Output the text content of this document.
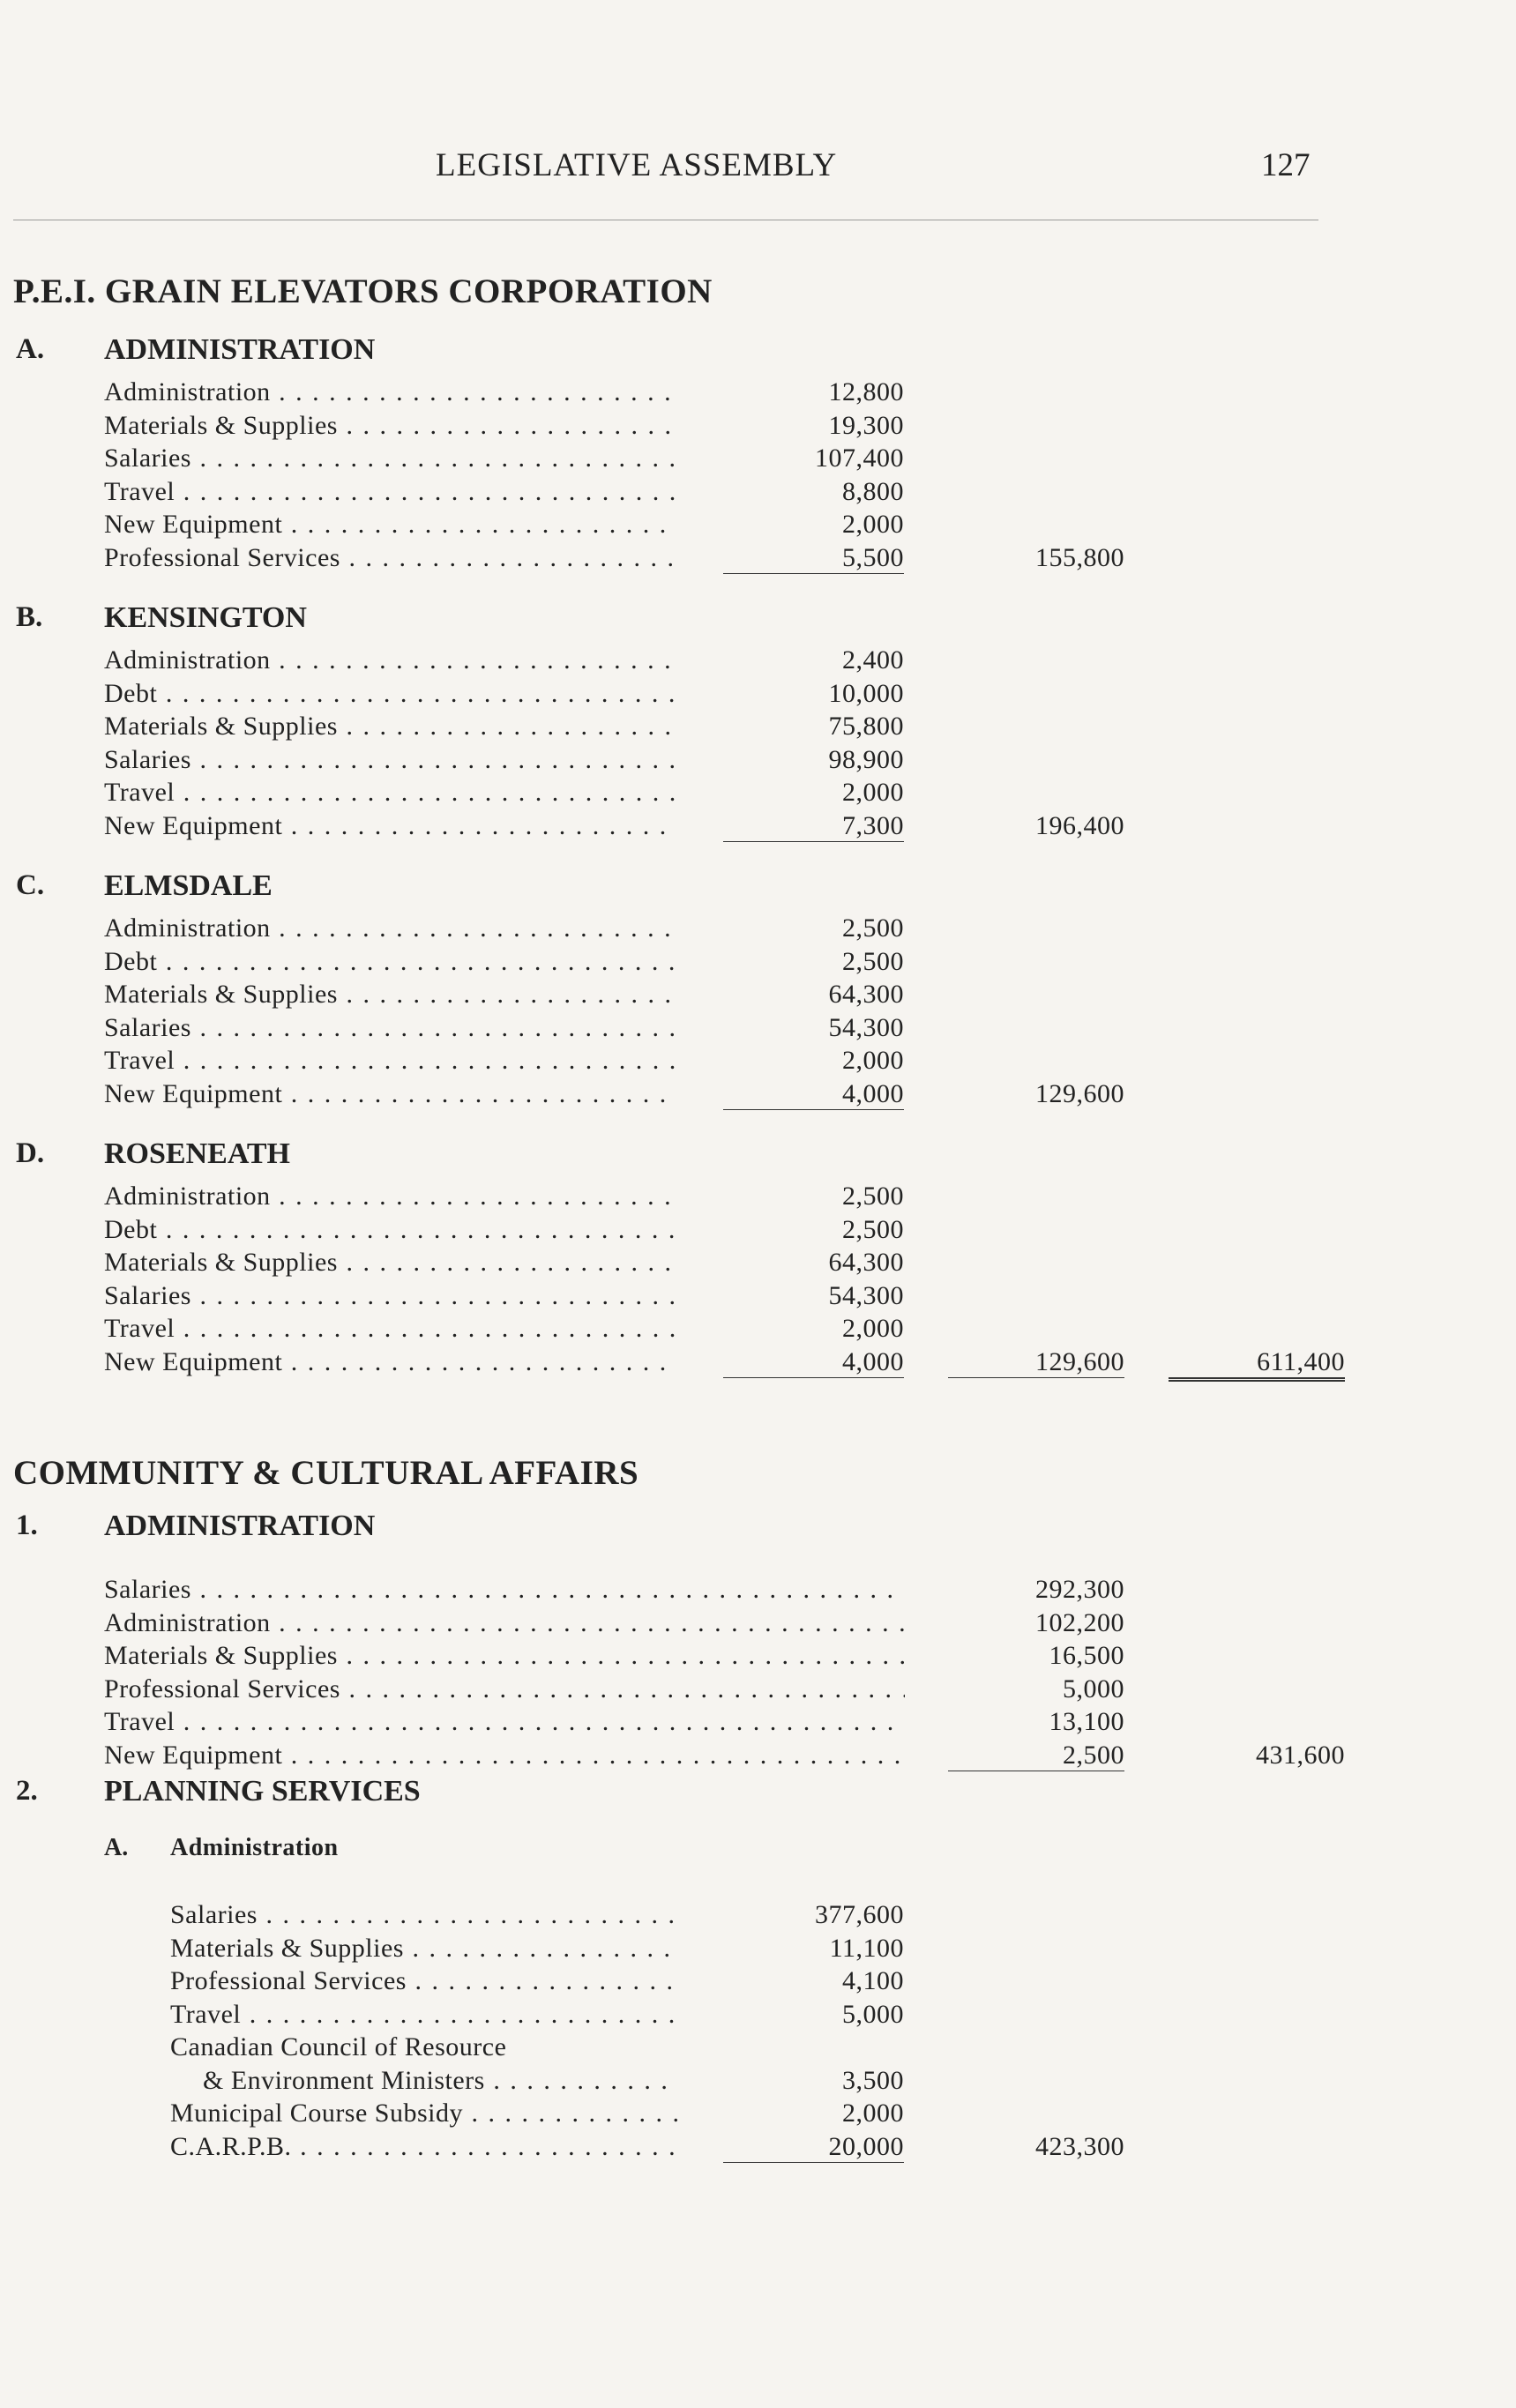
LEGISLATIVE ASSEMBLY	127
P.E.I. GRAIN ELEVATORS CORPORATION
A. ADMINISTRATION
Administration . . .	12,800
Materials & Supplies . . .	19,300
Salaries . . .	107,400
Travel . . .	8,800
New Equipment . . .	2,000
Professional Services . . .	5,500	155,800
B. KENSINGTON
Administration . . .	2,400
Debt . . .	10,000
Materials & Supplies . . .	75,800
Salaries . . .	98,900
Travel . . .	2,000
New Equipment . . .	7,300	196,400
C. ELMSDALE
Administration . . .	2,500
Debt . . .	2,500
Materials & Supplies . . .	64,300
Salaries . . .	54,300
Travel . . .	2,000
New Equipment . . .	4,000	129,600
D. ROSENEATH
Administration . . .	2,500
Debt . . .	2,500
Materials & Supplies . . .	64,300
Salaries . . .	54,300
Travel . . .	2,000
New Equipment . . .	4,000	129,600	611,400
COMMUNITY & CULTURAL AFFAIRS
1. ADMINISTRATION
Salaries . . .	292,300
Administration . . .	102,200
Materials & Supplies . . .	16,500
Professional Services . . .	5,000
Travel . . .	13,100
New Equipment . . .	2,500	431,600
2. PLANNING SERVICES
A. Administration
Salaries . . .	377,600
Materials & Supplies . . .	11,100
Professional Services . . .	4,100
Travel . . .	5,000
Canadian Council of Resource
& Environment Ministers . . .	3,500
Municipal Course Subsidy . . .	2,000
C.A.R.P.B. . . .	20,000	423,300
